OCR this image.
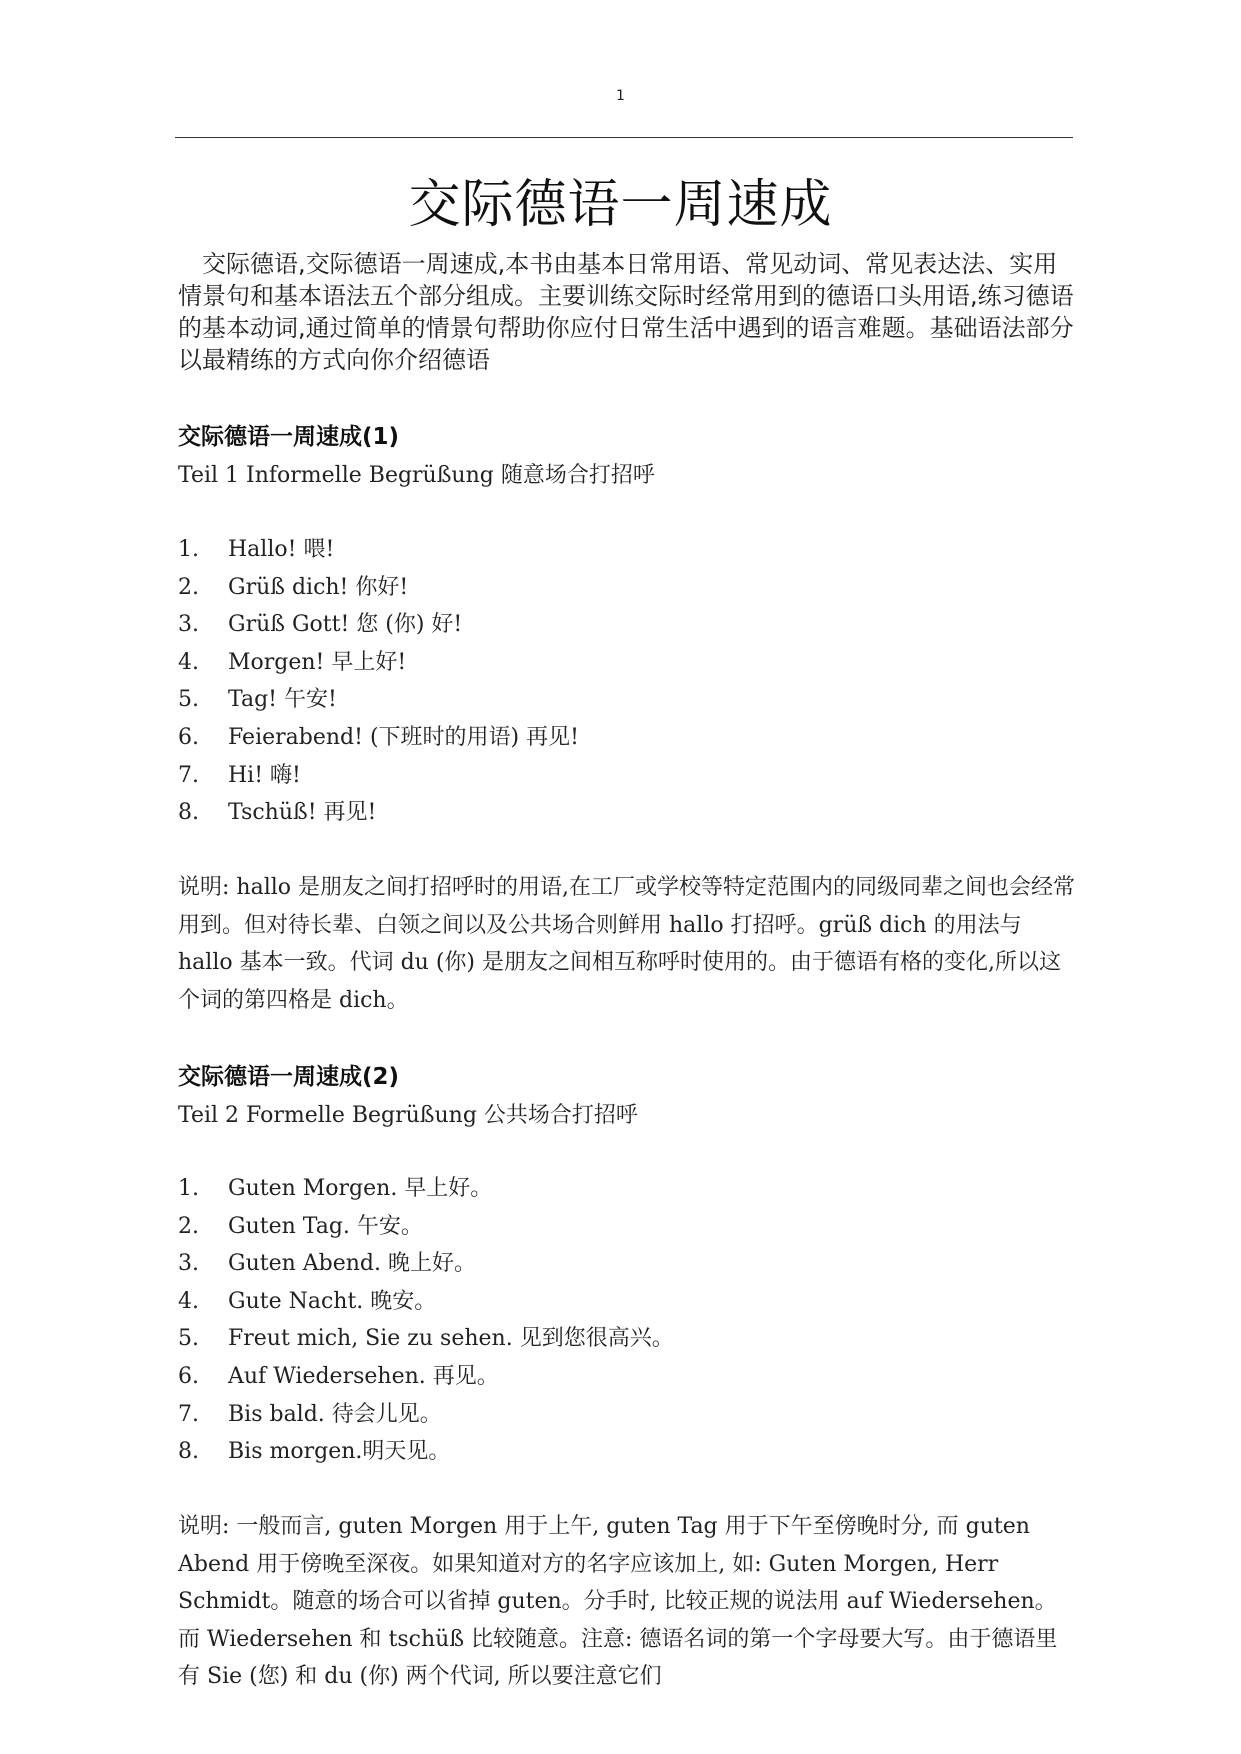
1
交际德语一周速成

交际德语,交际德语一周速成,本书由基本日常用语、常见动词、常见表达法、实用情景句和基本语法五个部分组成。主要训练交际时经常用到的德语口头用语,练习德语的基本动词,通过简单的情景句帮助你应付日常生活中遇到的语言难题。基础语法部分以最精练的方式向你介绍德语

交际德语一周速成(1)
Teil 1 Informelle Begrüßung 随意场合打招呼
1.	Hallo! 喂!
2.	Grüß dich! 你好!
3.	Grüß Gott! 您 (你) 好!
4.	Morgen! 早上好!
5.	Tag! 午安!
6.	Feierabend! (下班时的用语) 再见!
7.	Hi! 嗨!
8.	Tschüß! 再见!
说明: hallo 是朋友之间打招呼时的用语,在工厂或学校等特定范围内的同级同辈之间也会经常用到。但对待长辈、白领之间以及公共场合则鲜用 hallo 打招呼。grüß dich 的用法与 hallo 基本一致。代词 du (你) 是朋友之间相互称呼时使用的。由于德语有格的变化,所以这个词的第四格是 dich。
交际德语一周速成(2)
Teil 2 Formelle Begrüßung 公共场合打招呼
1.	Guten Morgen. 早上好。
2.	Guten Tag. 午安。
3.	Guten Abend. 晚上好。
4.	Gute Nacht. 晚安。
5.	Freut mich, Sie zu sehen. 见到您很高兴。
6.	Auf Wiedersehen. 再见。
7.	Bis bald. 待会儿见。
8.	Bis morgen.明天见。
说明: 一般而言, guten Morgen 用于上午, guten Tag 用于下午至傍晚时分, 而 guten Abend 用于傍晚至深夜。如果知道对方的名字应该加上, 如: Guten Morgen, Herr Schmidt。随意的场合可以省掉 guten。分手时, 比较正规的说法用 auf Wiedersehen。而 Wiedersehen 和 tschüß 比较随意。注意: 德语名词的第一个字母要大写。由于德语里有 Sie (您) 和 du (你) 两个代词, 所以要注意它们
